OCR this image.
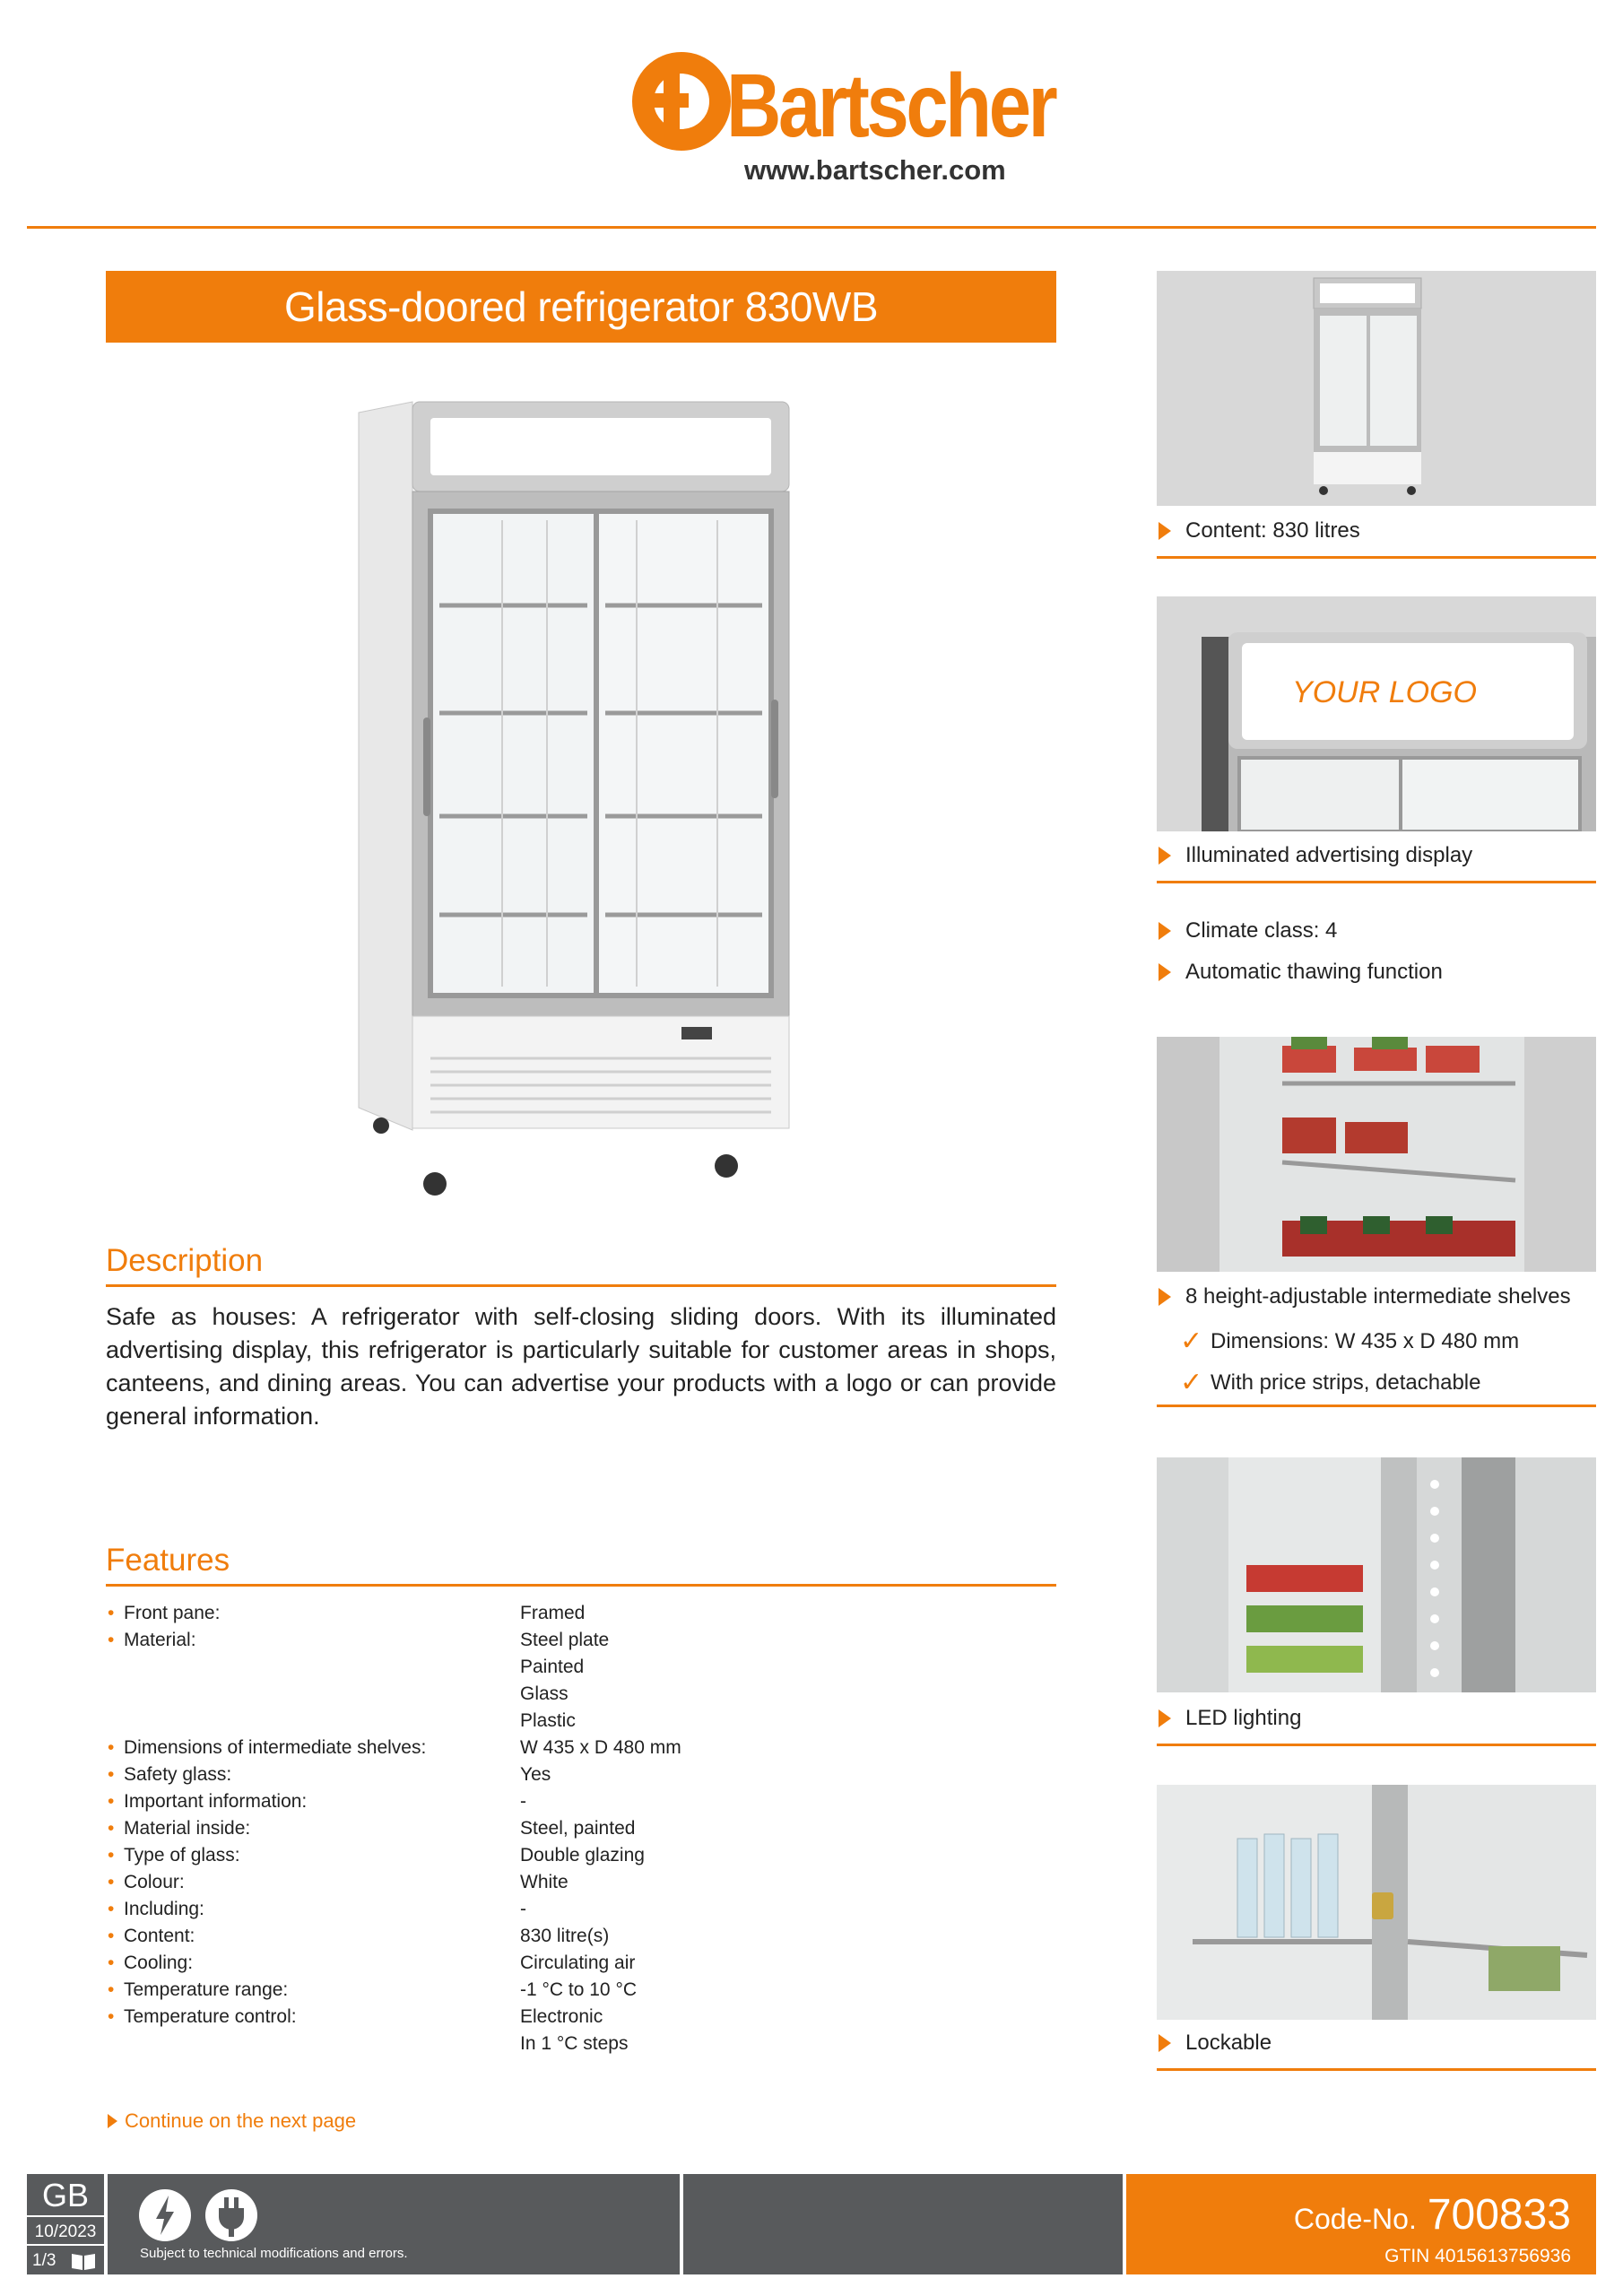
Bartscher
www.bartscher.com
Glass-doored refrigerator 830WB
Description
Safe as houses: A refrigerator with self-closing sliding doors. With its illuminated advertising display, this refrigerator is particularly suitable for customer areas in shops, canteens, and dining areas. You can advertise your products with a logo or can provide general information.
Features
• Front pane:	Framed
• Material:	Steel plate
Painted
Glass
Plastic
• Dimensions of intermediate shelves:	W 435 x D 480 mm
• Safety glass:	Yes
• Important information:	-
• Material inside:	Steel, painted
• Type of glass:	Double glazing
• Colour:	White
• Including:	-
• Content:	830 litre(s)
• Cooling:	Circulating air
• Temperature range:	-1 °C to 10 °C
• Temperature control:	Electronic
In 1 °C steps
Continue on the next page
Content: 830 litres
YOUR LOGO
Illuminated advertising display
Climate class: 4
Automatic thawing function
8 height-adjustable intermediate shelves
✓ Dimensions: W 435 x D 480 mm
✓ With price strips, detachable
LED lighting
Lockable
GB
10/2023
1/3	Subject to technical modifications and errors.
Code-No. 700833
GTIN 4015613756936
